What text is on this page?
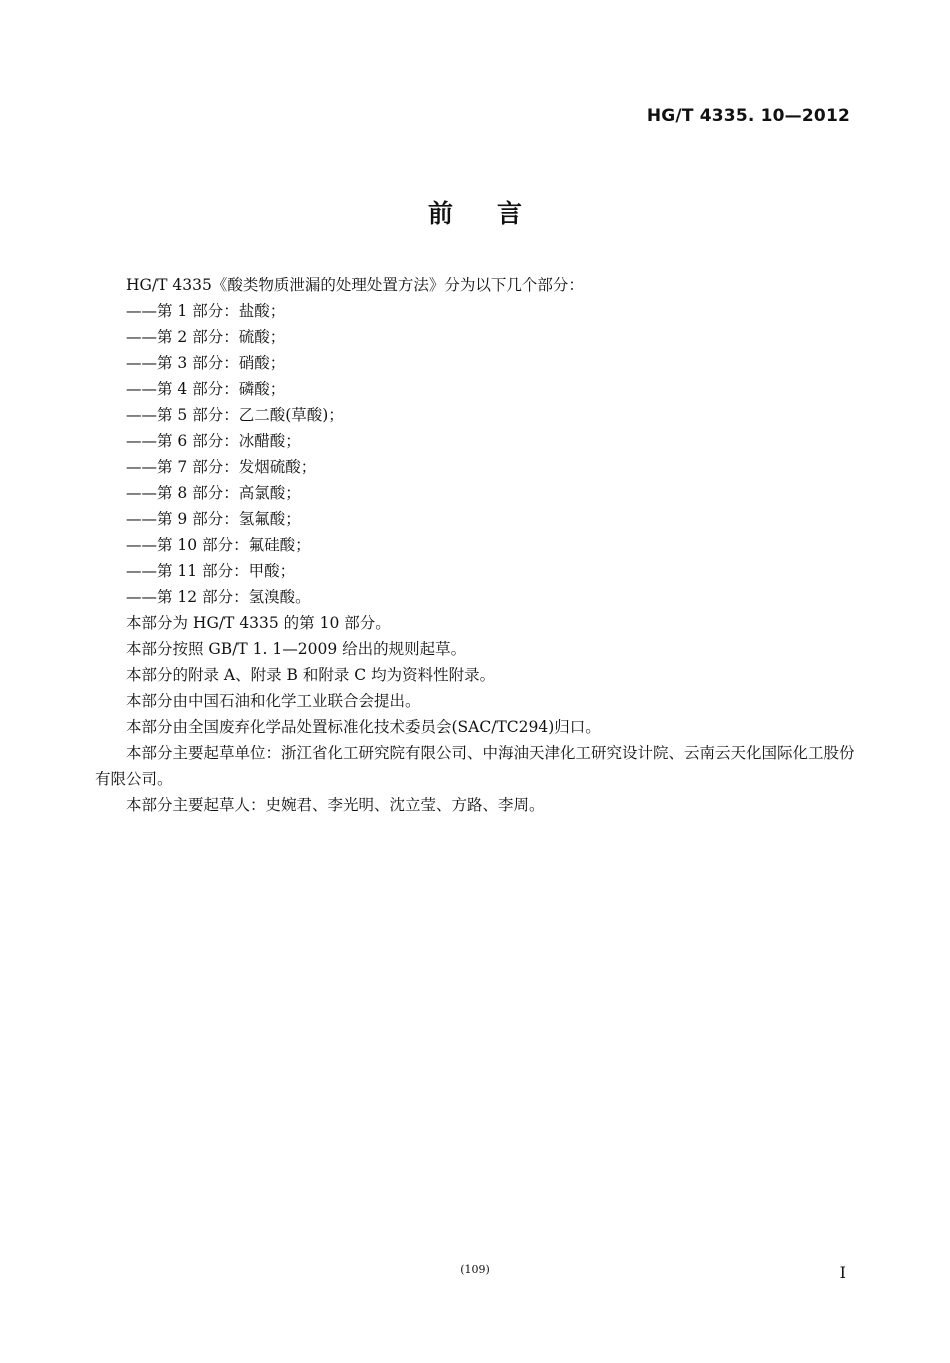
HG/T 4335. 10—2012
前言

HG/T 4335《酸类物质泄漏的处理处置方法》分为以下几个部分：

——第 1 部分：盐酸；
——第 2 部分：硫酸；
——第 3 部分：硝酸；
——第 4 部分：磷酸；
——第 5 部分：乙二酸(草酸)；
——第 6 部分：冰醋酸；
——第 7 部分：发烟硫酸；
——第 8 部分：高氯酸；
——第 9 部分：氢氟酸；
——第 10 部分：氟硅酸；
——第 11 部分：甲酸；
——第 12 部分：氢溴酸。

本部分为 HG/T 4335 的第 10 部分。

本部分按照 GB/T 1. 1—2009 给出的规则起草。

本部分的附录 A、附录 B 和附录 C 均为资料性附录。

本部分由中国石油和化学工业联合会提出。

本部分由全国废弃化学品处置标准化技术委员会(SAC/TC294)归口。

本部分主要起草单位：浙江省化工研究院有限公司、中海油天津化工研究设计院、云南云天化国际化工股份有限公司。

本部分主要起草人：史婉君、李光明、沈立莹、方路、李周。

(109)	I
